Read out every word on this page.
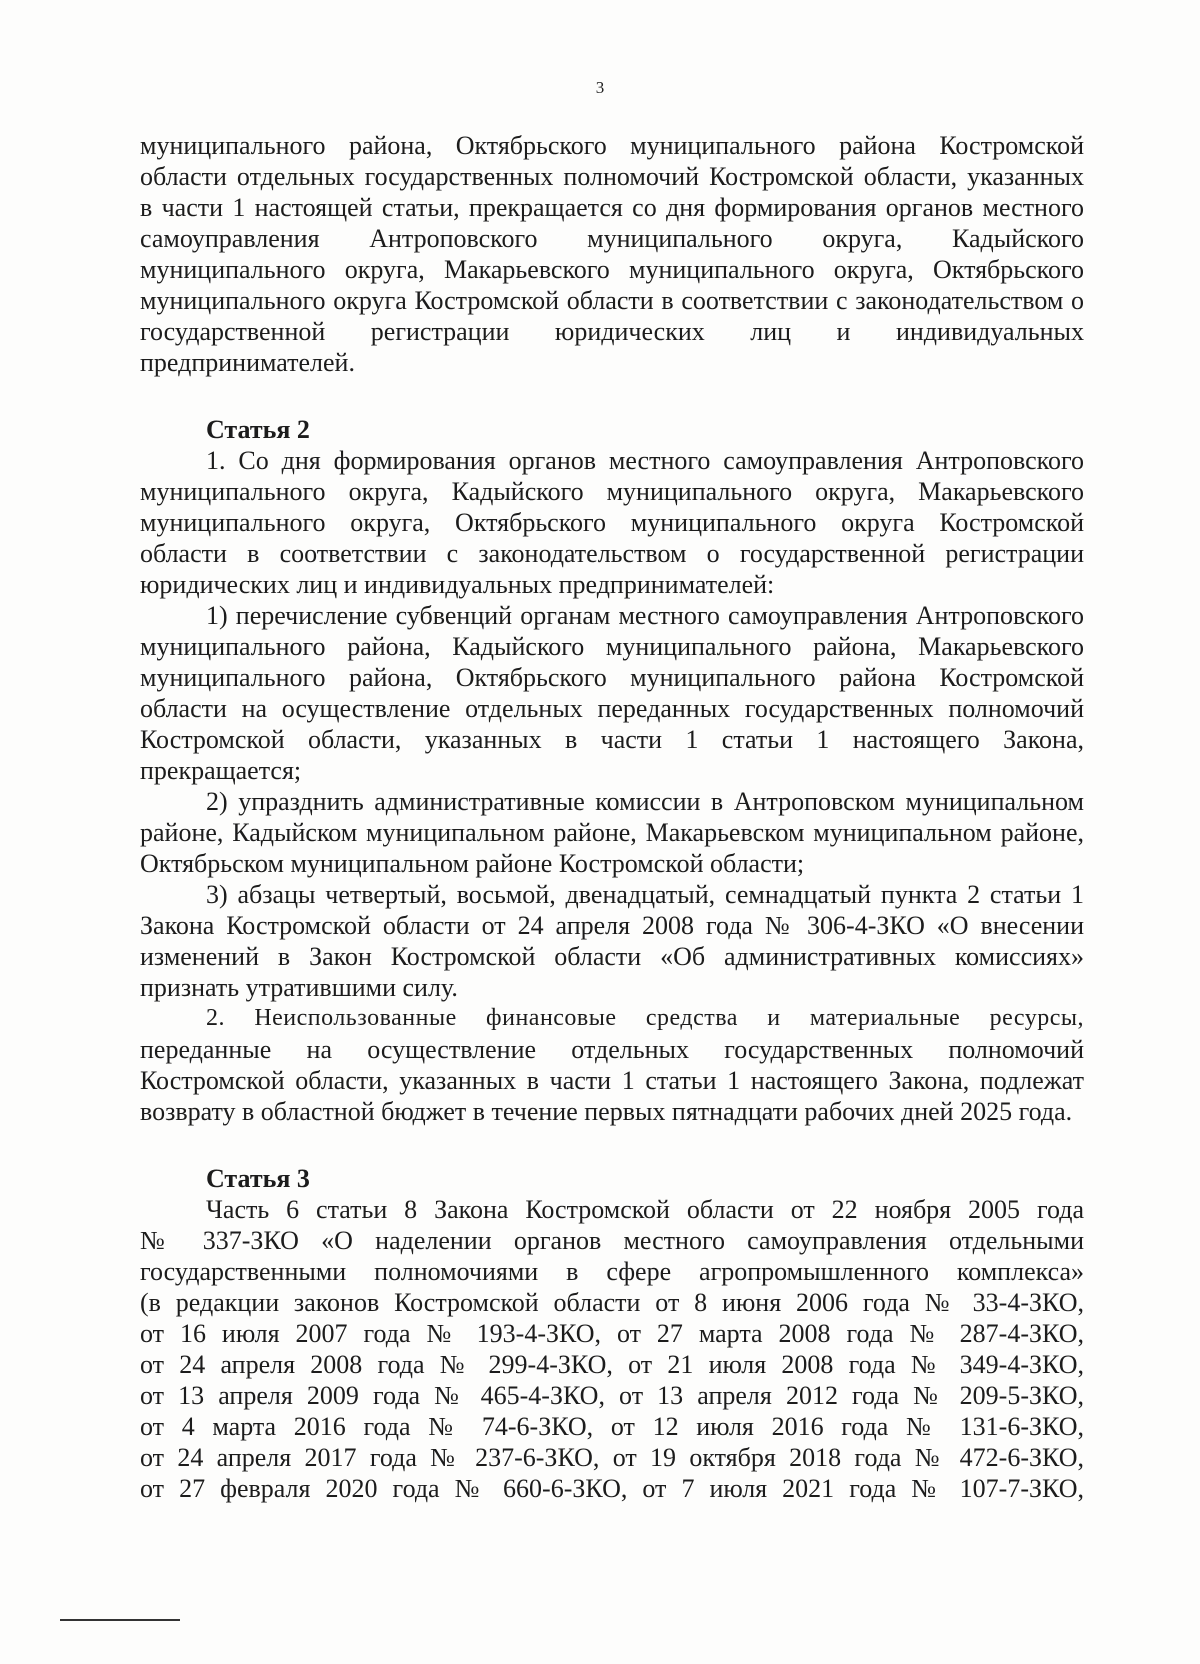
3

муниципального района, Октябрьского муниципального района Костромской

области отдельных государственных полномочий Костромской области, указанных

в части 1 настоящей статьи, прекращается со дня формирования органов местного

самоуправления Антроповского муниципального округа, Кадыйского

муниципального округа, Макарьевского муниципального округа, Октябрьского

муниципального округа Костромской области в соответствии с законодательством о

государственной регистрации юридических лиц и индивидуальных

предпринимателей.

Статья 2

1. Со дня формирования органов местного самоуправления Антроповского

муниципального округа, Кадыйского муниципального округа, Макарьевского

муниципального округа, Октябрьского муниципального округа Костромской

области в соответствии с законодательством о государственной регистрации

юридических лиц и индивидуальных предпринимателей:

1) перечисление субвенций органам местного самоуправления Антроповского

муниципального района, Кадыйского муниципального района, Макарьевского

муниципального района, Октябрьского муниципального района Костромской

области на осуществление отдельных переданных государственных полномочий

Костромской области, указанных в части 1 статьи 1 настоящего Закона,

прекращается;

2) упразднить административные комиссии в Антроповском муниципальном

районе, Кадыйском муниципальном районе, Макарьевском муниципальном районе,

Октябрьском муниципальном районе Костромской области;

3) абзацы четвертый, восьмой, двенадцатый, семнадцатый пункта 2 статьи 1

Закона Костромской области от 24 апреля 2008 года № 306-4-ЗКО «О внесении

изменений в Закон Костромской области «Об административных комиссиях»

признать утратившими силу.

2. Неиспользованные финансовые средства и материальные ресурсы,

переданные на осуществление отдельных государственных полномочий

Костромской области, указанных в части 1 статьи 1 настоящего Закона, подлежат

возврату в областной бюджет в течение первых пятнадцати рабочих дней 2025 года.

Статья 3

Часть 6 статьи 8 Закона Костромской области от 22 ноября 2005 года

№ 337-ЗКО «О наделении органов местного самоуправления отдельными

государственными полномочиями в сфере агропромышленного комплекса»

(в редакции законов Костромской области от 8 июня 2006 года № 33-4-ЗКО,

от 16 июля 2007 года № 193-4-ЗКО, от 27 марта 2008 года № 287-4-ЗКО,

от 24 апреля 2008 года № 299-4-ЗКО, от 21 июля 2008 года № 349-4-ЗКО,

от 13 апреля 2009 года № 465-4-ЗКО, от 13 апреля 2012 года № 209-5-ЗКО,

от 4 марта 2016 года № 74-6-ЗКО, от 12 июля 2016 года № 131-6-ЗКО,

от 24 апреля 2017 года № 237-6-ЗКО, от 19 октября 2018 года № 472-6-ЗКО,

от 27 февраля 2020 года № 660-6-ЗКО, от 7 июля 2021 года № 107-7-ЗКО,
